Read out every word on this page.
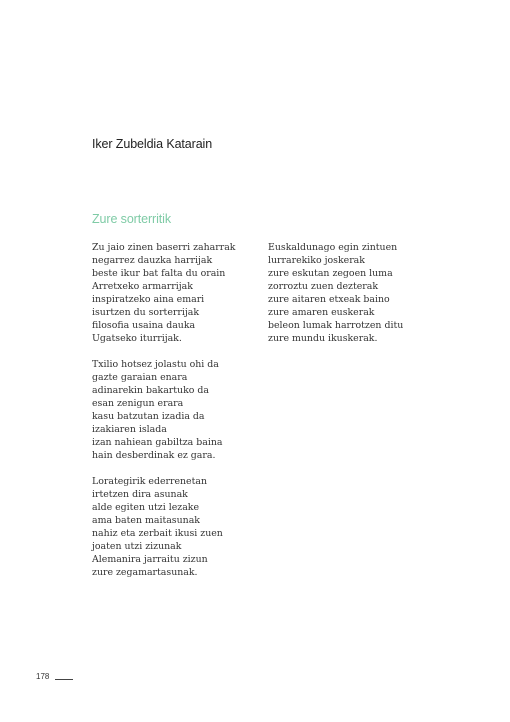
Iker Zubeldia Katarain
Zure sorterritik
Zu jaio zinen baserri zaharrak
negarrez dauzka harrijak
beste ikur bat falta du orain
Arretxeko armarrijak
inspiratzeko aina emari
isurtzen du sorterrijak
filosofia usaina dauka
Ugatseko iturrijak.
Txilio hotsez jolastu ohi da
gazte garaian enara
adinarekin bakartuko da
esan zenigun erara
kasu batzutan izadia da
izakiaren islada
izan nahiean gabiltza baina
hain desberdinak ez gara.
Lorategirik ederrenetan
irtetzen dira asunak
alde egiten utzi lezake
ama baten maitasunak
nahiz eta zerbait ikusi zuen
joaten utzi zizunak
Alemanira jarraitu zizun
zure zegamartasunak.
Euskaldunago egin zintuen
lurrarekiko joskerak
zure eskutan zegoen luma
zorroztu zuen dezterak
zure aitaren etxeak baino
zure amaren euskerak
beleon lumak harrotzen ditu
zure mundu ikuskerak.
178
